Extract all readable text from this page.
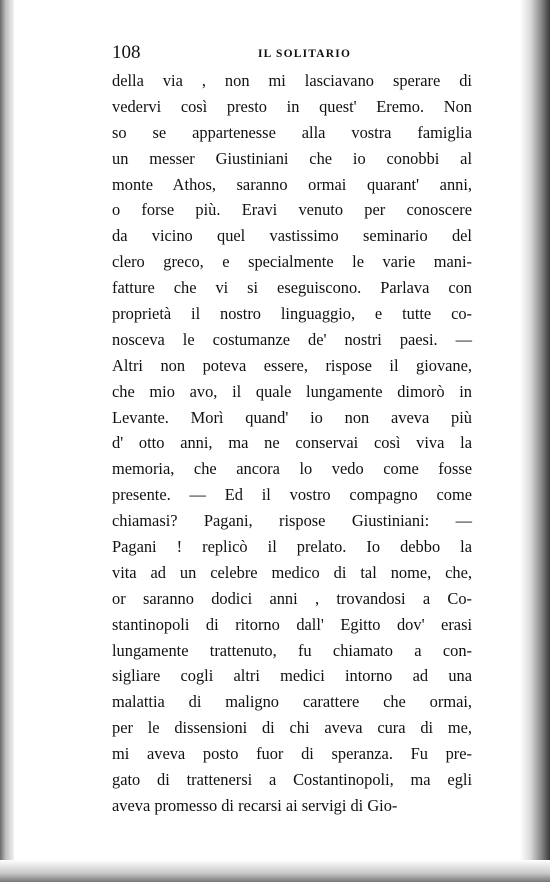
108	IL SOLITARIO
della via , non mi lasciavano sperare di
vedervi così presto in quest' Eremo. Non
so se appartenesse alla vostra famiglia
un messer Giustiniani che io conobbi al
monte Athos, saranno ormai quarant' anni,
o forse più. Eravi venuto per conoscere
da vicino quel vastissimo seminario del
clero greco, e specialmente le varie mani-
fatture che vi si eseguiscono. Parlava con
proprietà il nostro linguaggio, e tutte co-
nosceva le costumanze de' nostri paesi. —
Altri non poteva essere, rispose il giovane,
che mio avo, il quale lungamente dimorò in
Levante. Morì quand' io non aveva più
d' otto anni, ma ne conservai così viva la
memoria, che ancora lo vedo come fosse
presente. — Ed il vostro compagno come
chiamasi? Pagani, rispose Giustiniani: —
Pagani ! replicò il prelato. Io debbo la
vita ad un celebre medico di tal nome, che,
or saranno dodici anni , trovandosi a Co-
stantinopoli di ritorno dall' Egitto dov' erasi
lungamente trattenuto, fu chiamato a con-
sigliare cogli altri medici intorno ad una
malattia di maligno carattere che ormai,
per le dissensioni di chi aveva cura di me,
mi aveva posto fuor di speranza. Fu pre-
gato di trattenersi a Costantinopoli, ma egli
aveva promesso di recarsi ai servigi di Gio-
